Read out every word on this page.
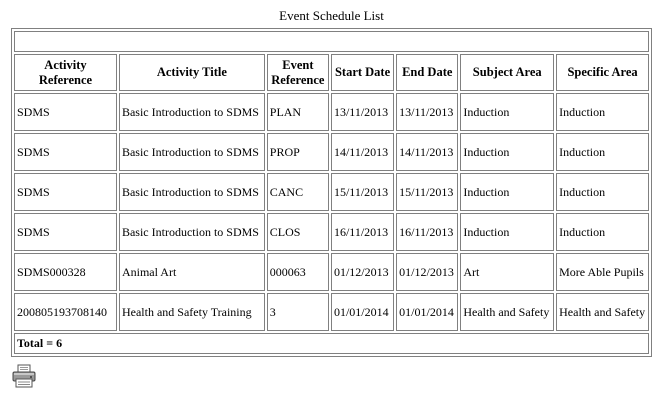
Event Schedule List

Activity Reference	Activity Title	Event Reference	Start Date	End Date	Subject Area	Specific Area
SDMS	Basic Introduction to SDMS	PLAN	13/11/2013	13/11/2013	Induction	Induction
SDMS	Basic Introduction to SDMS	PROP	14/11/2013	14/11/2013	Induction	Induction
SDMS	Basic Introduction to SDMS	CANC	15/11/2013	15/11/2013	Induction	Induction
SDMS	Basic Introduction to SDMS	CLOS	16/11/2013	16/11/2013	Induction	Induction
SDMS000328	Animal Art	000063	01/12/2013	01/12/2013	Art	More Able Pupils
200805193708140	Health and Safety Training	3	01/01/2014	01/01/2014	Health and Safety	Health and Safety
Total = 6						
